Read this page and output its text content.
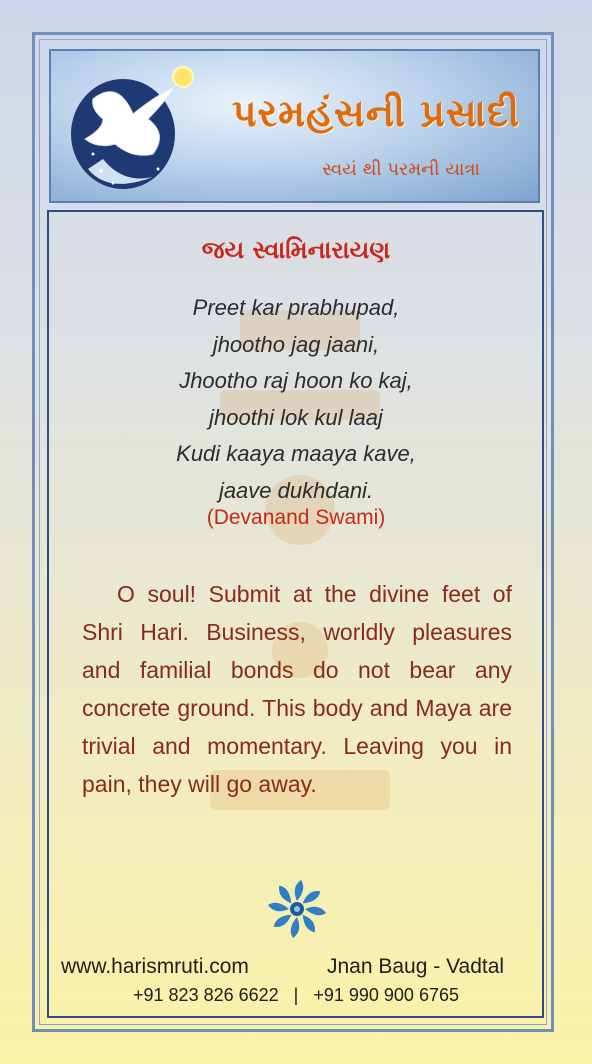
પરમહંસની પ્રસાદી
સ્વયં થી પરમની યાત્રા
જય સ્વામિનારાયણ
Preet kar prabhupad,
jhootho jag jaani,
Jhootho raj hoon ko kaj,
jhoothi lok kul laaj
Kudi kaaya maaya kave,
jaave dukhdani.
(Devanand Swami)
O soul! Submit at the divine feet of Shri Hari. Business, worldly pleasures and familial bonds do not bear any concrete ground. This body and Maya are trivial and momentary. Leaving you in pain, they will go away.
www.harismruti.com	Jnan Baug - Vadtal
+91 823 826 6622   |   +91 990 900 6765
